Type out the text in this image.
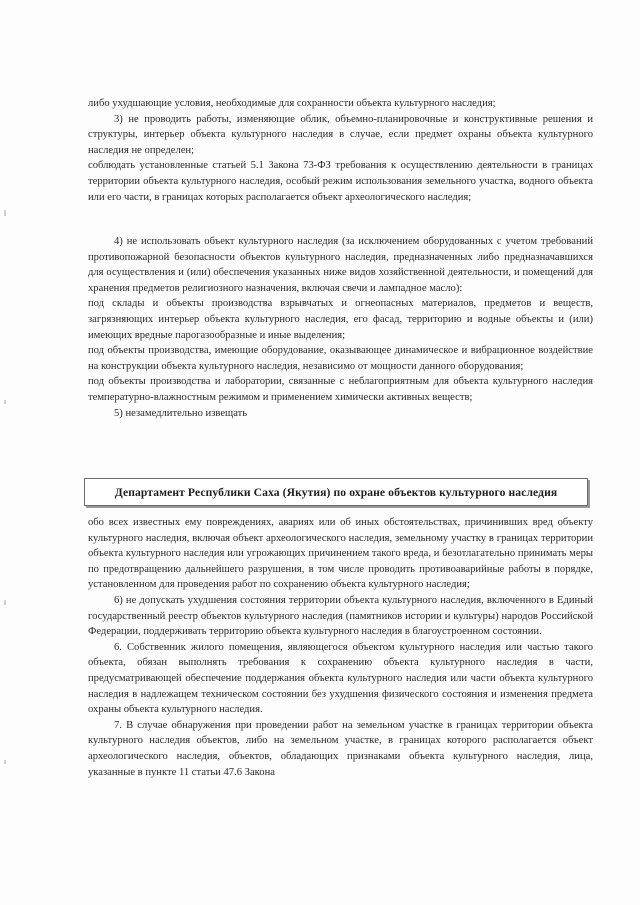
либо ухудшающие условия, необходимые для сохранности объекта культурного наследия;

3) не проводить работы, изменяющие облик, объемно-планировочные и конструктивные решения и структуры, интерьер объекта культурного наследия в случае, если предмет охраны объекта культурного наследия не определен;

соблюдать установленные статьей 5.1 Закона 73-ФЗ требования к осуществлению деятельности в границах территории объекта культурного наследия, особый режим использования земельного участка, водного объекта или его части, в границах которых располагается объект археологического наследия;

4) не использовать объект культурного наследия (за исключением оборудованных с учетом требований противопожарной безопасности объектов культурного наследия, предназначенных либо предназначавшихся для осуществления и (или) обеспечения указанных ниже видов хозяйственной деятельности, и помещений для хранения предметов религиозного назначения, включая свечи и лампадное масло):

под склады и объекты производства взрывчатых и огнеопасных материалов, предметов и веществ, загрязняющих интерьер объекта культурного наследия, его фасад, территорию и водные объекты и (или) имеющих вредные парогазообразные и иные выделения;

под объекты производства, имеющие оборудование, оказывающее динамическое и вибрационное воздействие на конструкции объекта культурного наследия, независимо от мощности данного оборудования;

под объекты производства и лаборатории, связанные с неблагоприятным для объекта культурного наследия температурно-влажностным режимом и применением химически активных веществ;

5) незамедлительно извещать

Департамент Республики Саха (Якутия) по охране объектов культурного наследия

обо всех известных ему повреждениях, авариях или об иных обстоятельствах, причинивших вред объекту культурного наследия, включая объект археологического наследия, земельному участку в границах территории объекта культурного наследия или угрожающих причинением такого вреда, и безотлагательно принимать меры по предотвращению дальнейшего разрушения, в том числе проводить противоаварийные работы в порядке, установленном для проведения работ по сохранению объекта культурного наследия;

6) не допускать ухудшения состояния территории объекта культурного наследия, включенного в Единый государственный реестр объектов культурного наследия (памятников истории и культуры) народов Российской Федерации, поддерживать территорию объекта культурного наследия в благоустроенном состоянии.

6. Собственник жилого помещения, являющегося объектом культурного наследия или частью такого объекта, обязан выполнять требования к сохранению объекта культурного наследия в части, предусматривающей обеспечение поддержания объекта культурного наследия или части объекта культурного наследия в надлежащем техническом состоянии без ухудшения физического состояния и изменения предмета охраны объекта культурного наследия.

7. В случае обнаружения при проведении работ на земельном участке в границах территории объекта культурного наследия объектов, либо на земельном участке, в границах которого располагается объект археологического наследия, объектов, обладающих признаками объекта культурного наследия, лица, указанные в пункте 11 статьи 47.6 Закона
